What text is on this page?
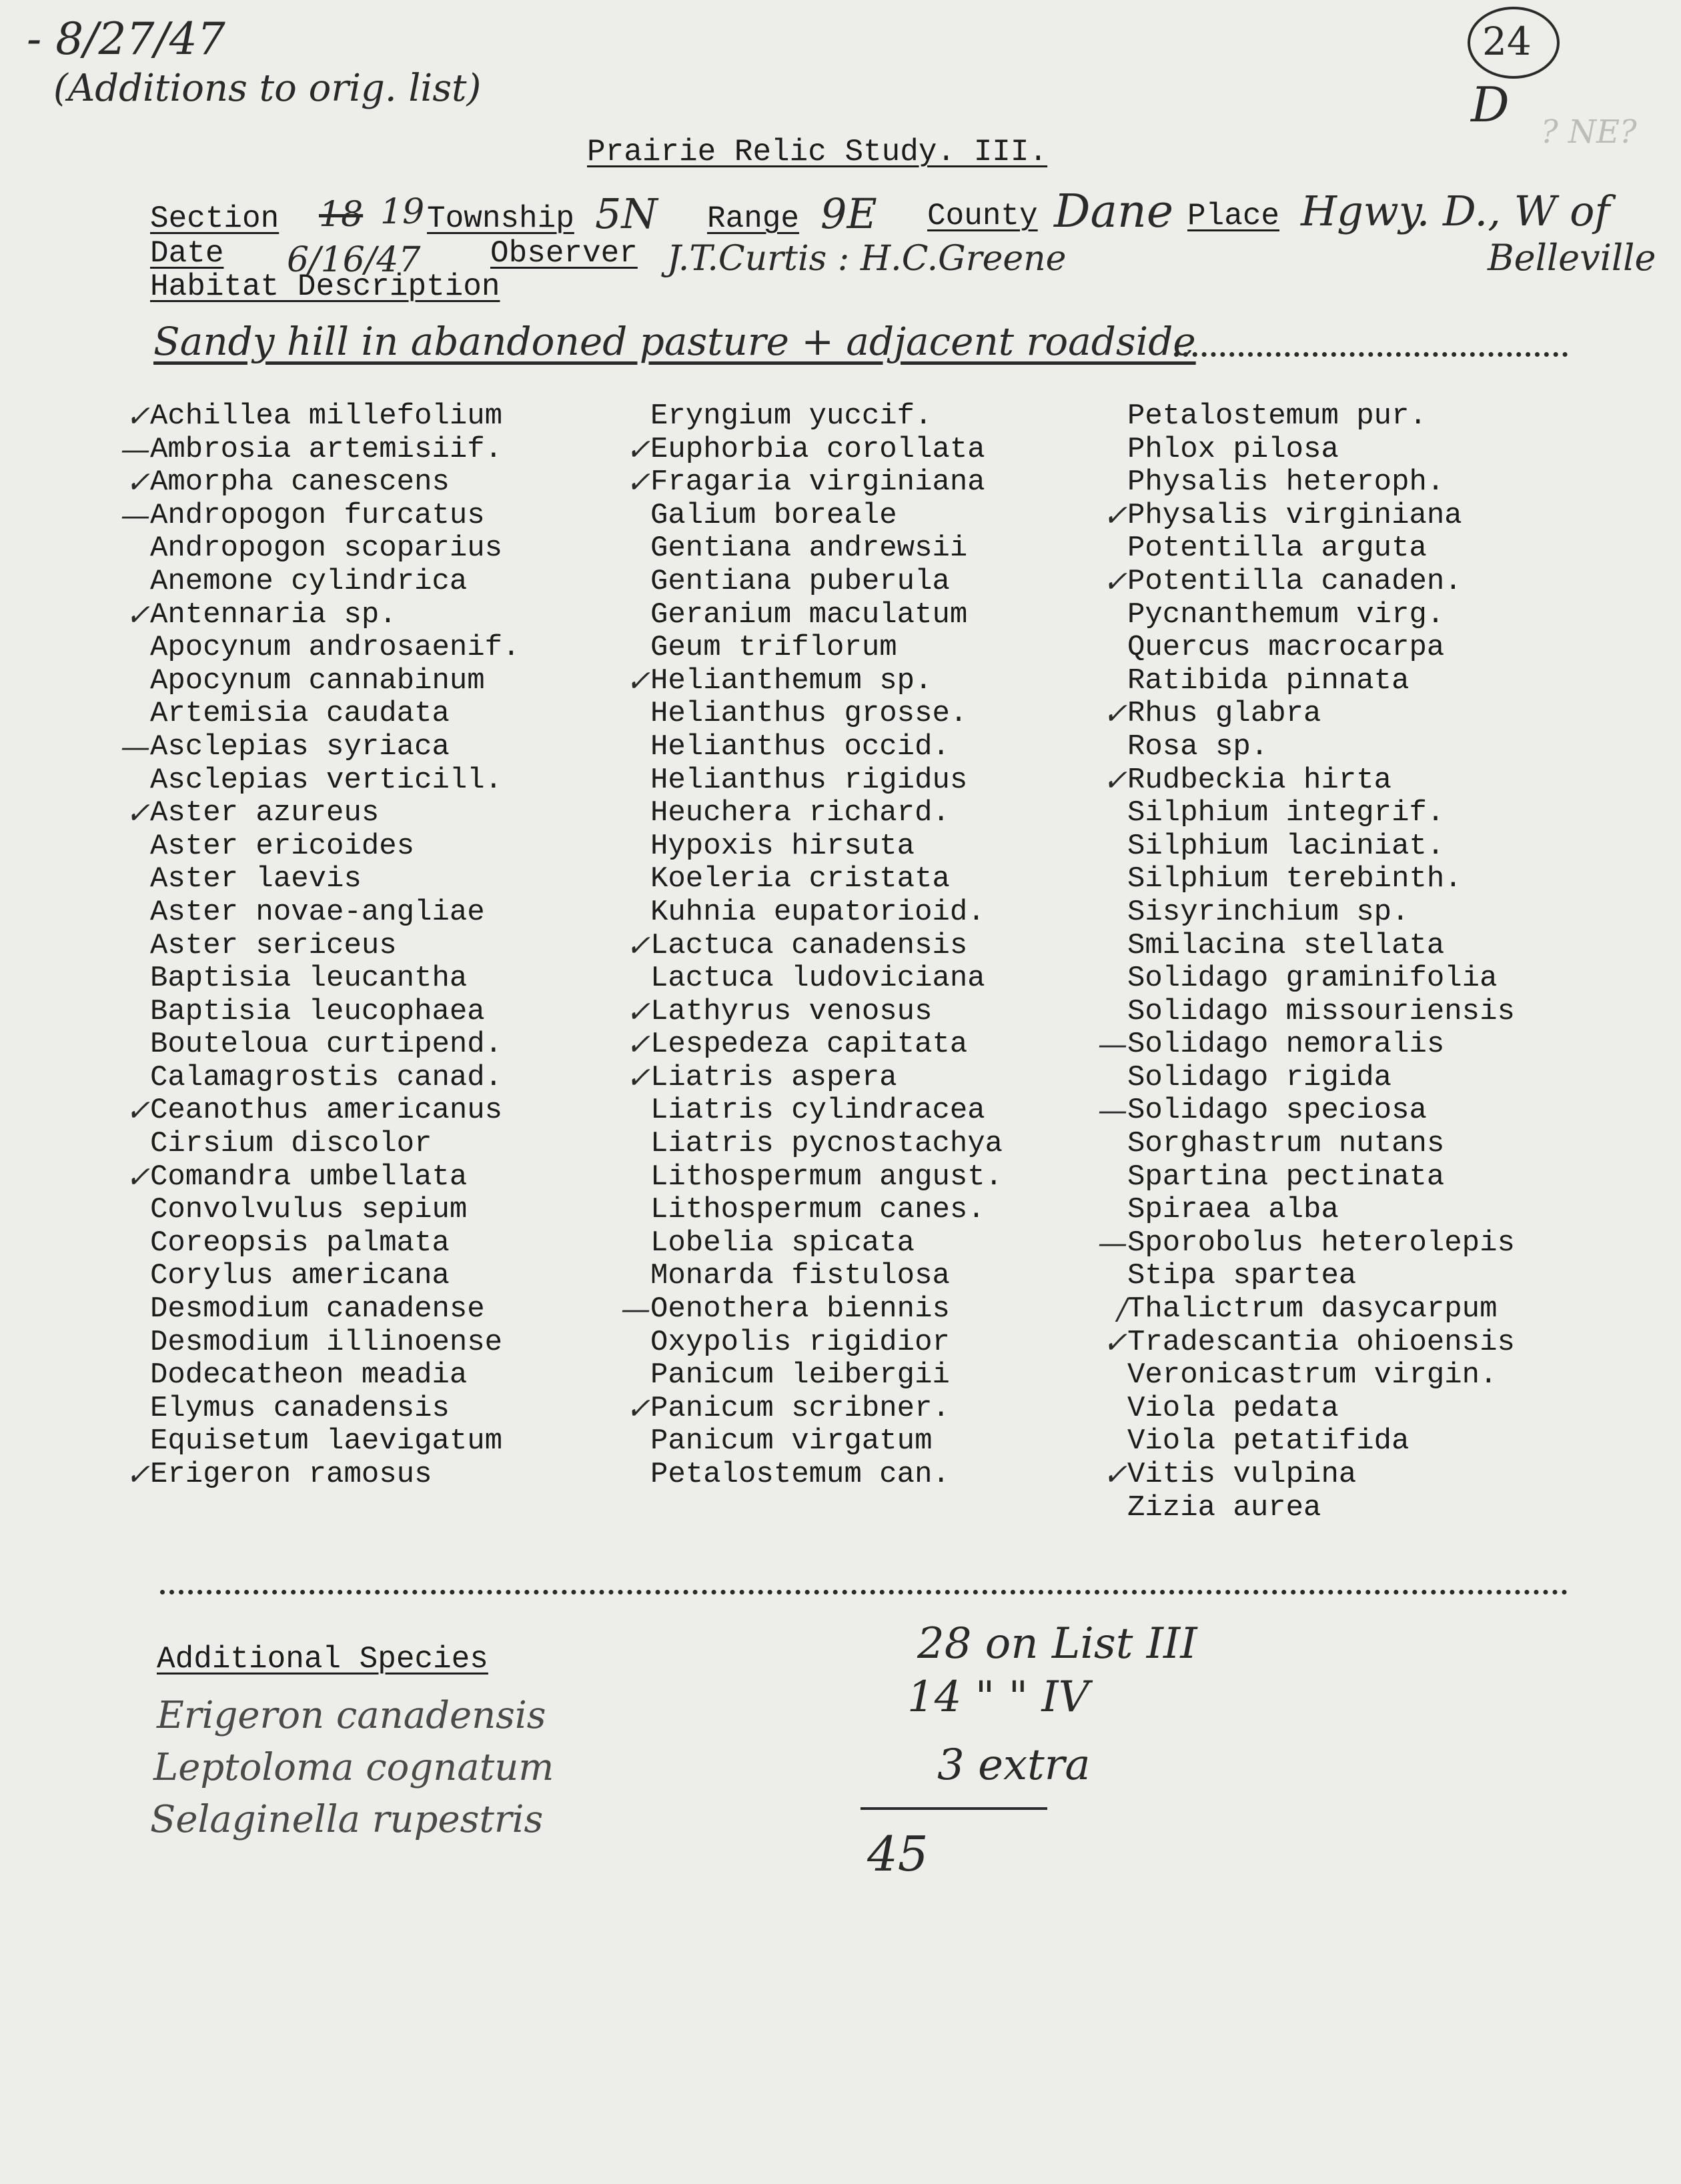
- 8/27/47
(Additions to orig. list)
24
D ? NE?
Prairie Relic Study. III.
Section 18 19 Township 5N Range 9E County Dane Place Hgwy. D., W of
Belleville
Date 6/16/47 Observer J.T.Curtis : H.C.Greene
Habitat Description
Sandy hill in abandoned pasture + adjacent roadside
✓ Achillea millefolium
— Ambrosia artemisiif.
✓ Amorpha canescens
— Andropogon furcatus
Andropogon scoparius
Anemone cylindrica
✓ Antennaria sp.
Apocynum androsaenif.
Apocynum cannabinum
Artemisia caudata
— Asclepias syriaca
Asclepias verticill.
✓ Aster azureus
Aster ericoides
Aster laevis
Aster novae-angliae
Aster sericeus
Baptisia leucantha
Baptisia leucophaea
Bouteloua curtipend.
Calamagrostis canad.
✓ Ceanothus americanus
Cirsium discolor
✓ Comandra umbellata
Convolvulus sepium
Coreopsis palmata
Corylus americana
Desmodium canadense
Desmodium illinoense
Dodecatheon meadia
Elymus canadensis
Equisetum laevigatum
✓ Erigeron ramosus
Eryngium yuccif.
✓ Euphorbia corollata
✓ Fragaria virginiana
Galium boreale
Gentiana andrewsii
Gentiana puberula
Geranium maculatum
Geum triflorum
✓ Helianthemum sp.
Helianthus grosse.
Helianthus occid.
Helianthus rigidus
Heuchera richard.
Hypoxis hirsuta
Koeleria cristata
Kuhnia eupatorioid.
✓ Lactuca canadensis
Lactuca ludoviciana
✓ Lathyrus venosus
✓ Lespedeza capitata
✓ Liatris aspera
Liatris cylindracea
Liatris pycnostachya
Lithospermum angust.
Lithospermum canes.
Lobelia spicata
Monarda fistulosa
— Oenothera biennis
Oxypolis rigidior
Panicum leibergii
✓ Panicum scribner.
Panicum virgatum
Petalostemum can.
Petalostemum pur.
Phlox pilosa
Physalis heteroph.
✓ Physalis virginiana
Potentilla arguta
✓ Potentilla canaden.
Pycnanthemum virg.
Quercus macrocarpa
Ratibida pinnata
✓ Rhus glabra
Rosa sp.
✓ Rudbeckia hirta
Silphium integrif.
Silphium laciniat.
Silphium terebinth.
Sisyrinchium sp.
Smilacina stellata
Solidago graminifolia
Solidago missouriensis
— Solidago nemoralis
Solidago rigida
— Solidago speciosa
Sorghastrum nutans
Spartina pectinata
Spiraea alba
— Sporobolus heterolepis
Stipa spartea
/ Thalictrum dasycarpum
✓ Tradescantia ohioensis
Veronicastrum virgin.
Viola pedata
Viola petatifida
✓ Vitis vulpina
Zizia aurea
Additional Species
Erigeron canadensis
Leptoloma cognatum
Selaginella rupestris
28 on List III
14 " " IV
3 extra
45
